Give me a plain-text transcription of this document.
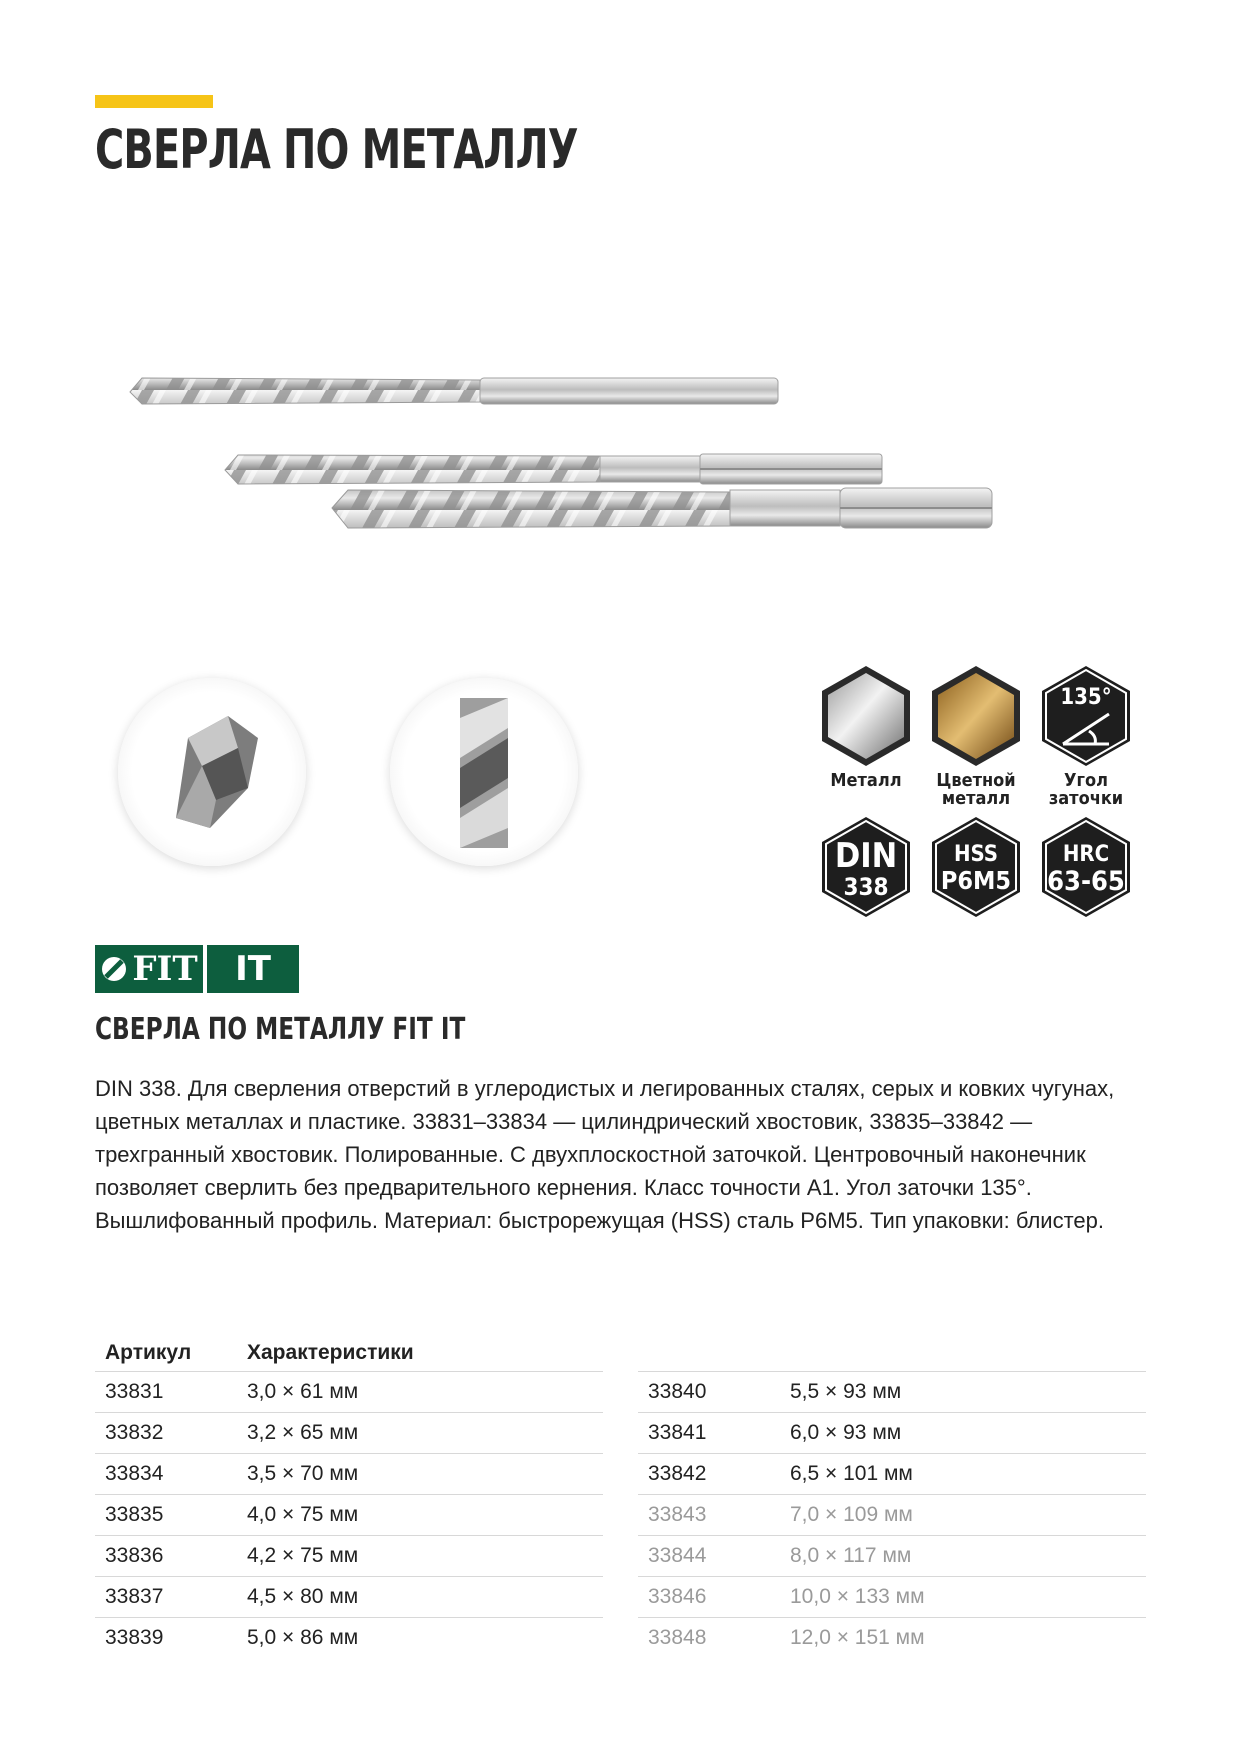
СВЕРЛА ПО МЕТАЛЛУ
Металл	Цветной металл
135°
Угол заточки
DIN
338
HSS
P6M5
HRC
63-65
FIT	IT
СВЕРЛА ПО МЕТАЛЛУ FIT IT

DIN 338. Для сверления отверстий в углеродистых и легированных сталях, серых и ковких чугунах, цветных металлах и пластике. 33831–33834 — цилиндрический хвостовик, 33835–33842 — трехгранный хвостовик. Полированные. С двухплоскостной заточкой. Центровочный наконечник позволяет сверлить без предварительного кернения. Класс точности А1. Угол заточки 135°. Вышлифованный профиль. Материал: быстрорежущая (HSS) сталь Р6М5. Тип упаковки: блистер.

Артикул	Характеристики
33831	3,0 × 61 мм
33832	3,2 × 65 мм
33834	3,5 × 70 мм
33835	4,0 × 75 мм
33836	4,2 × 75 мм
33837	4,5 × 80 мм
33839	5,0 × 86 мм

33840	5,5 × 93 мм
33841	6,0 × 93 мм
33842	6,5 × 101 мм
33843	7,0 × 109 мм
33844	8,0 × 117 мм
33846	10,0 × 133 мм
33848	12,0 × 151 мм
